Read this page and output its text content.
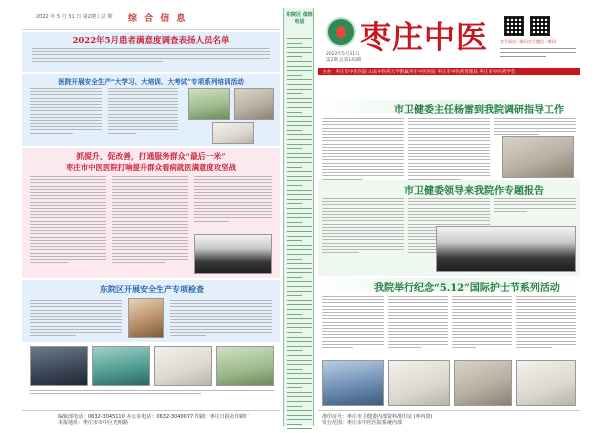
2022 年 5 月 31 日 第2期 / 总 期 综 合 信 息
2022年5月患者满意度调查表扬人员名单
医院开展安全生产“大学习、大培训、大考试”专项系列培训活动
抓提升、促改善，打通服务群众“最后一米”
枣庄市中医医院打响提升群众看病就医满意度攻坚战
东院区开展安全生产专项检查
编辑部电话：0632-3045110 办公室电话：0632-3040077 印刷：枣庄日报社印刷厂
本报地址：枣庄市市中区光明路
东院区 值班电话 枣庄中医
2022年5月31日
第2期 总第143期
官方网站二维码 官方微信二维码
主办：枣庄市中医医院 山东中医药大学附属枣庄中医医院 枣庄市中医药管理局 枣庄市中医药学会
市卫健委主任杨雷到我院调研指导工作
市卫健委领导来我院作专题报告
我院举行纪念“5.12”国际护士节系列活动
准印证号：枣庄市卫健委内部资料准印证 (枣内资)
发行范围：枣庄市中医医院系统内部
